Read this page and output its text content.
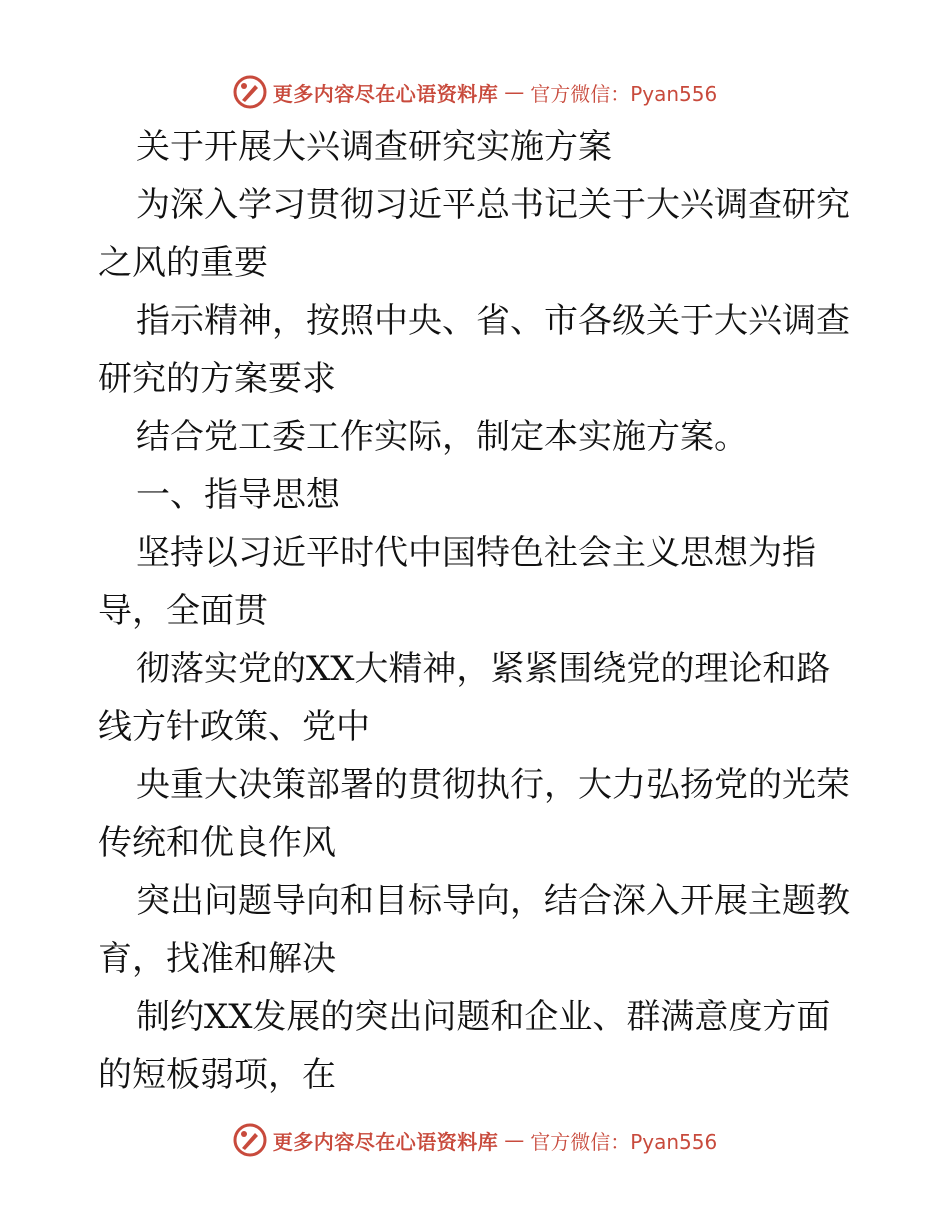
更多内容尽在心语资料库 — 官方微信：Pyan556

关于开展大兴调查研究实施方案

为深入学习贯彻习近平总书记关于大兴调查研究

之风的重要

指示精神，按照中央、省、市各级关于大兴调查

研究的方案要求

结合党工委工作实际，制定本实施方案。

一、指导思想

坚持以习近平时代中国特色社会主义思想为指

导，全面贯

彻落实党的XX大精神，紧紧围绕党的理论和路

线方针政策、党中

央重大决策部署的贯彻执行，大力弘扬党的光荣

传统和优良作风

突出问题导向和目标导向，结合深入开展主题教

育，找准和解决

制约XX发展的突出问题和企业、群满意度方面

的短板弱项，在

更多内容尽在心语资料库 — 官方微信：Pyan556
